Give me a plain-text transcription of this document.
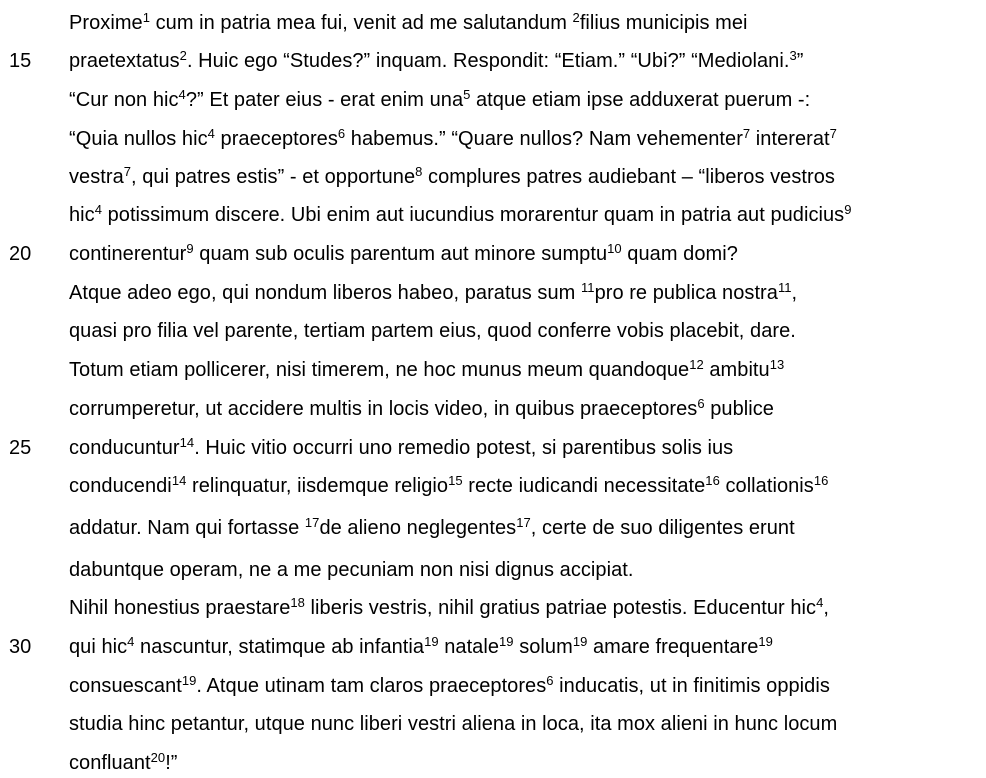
Proxime$^1$ cum in patria mea fui, venit ad me salutandum $^2$filius municipis mei
15	praetextatus$^2$. Huic ego “Studes?” inquam. Respondit: “Etiam.” “Ubi?” “Mediolani.$^3$”
“Cur non hic$^4$?” Et pater eius - erat enim una$^5$ atque etiam ipse adduxerat puerum -:
“Quia nullos hic$^4$ praeceptores$^6$ habemus.” “Quare nullos? Nam vehementer$^7$ intererat$^7$
vestra$^7$, qui patres estis” - et opportune$^8$ complures patres audiebant – “liberos vestros
hic$^4$ potissimum discere. Ubi enim aut iucundius morarentur quam in patria aut pudicius$^9$
20	continerentur$^9$ quam sub oculis parentum aut minore sumptu$^{10}$ quam domi?
Atque adeo ego, qui nondum liberos habeo, paratus sum $^{11}$pro re publica nostra$^{11}$,
quasi pro filia vel parente, tertiam partem eius, quod conferre vobis placebit, dare.
Totum etiam pollicerer, nisi timerem, ne hoc munus meum quandoque$^{12}$ ambitu$^{13}$
corrumperetur, ut accidere multis in locis video, in quibus praeceptores$^6$ publice
25	conducuntur$^{14}$. Huic vitio occurri uno remedio potest, si parentibus solis ius
conducendi$^{14}$ relinquatur, iisdemque religio$^{15}$ recte iudicandi necessitate$^{16}$ collationis$^{16}$
addatur. Nam qui fortasse $^{17}$de alieno neglegentes$^{17}$, certe de suo diligentes erunt
dabuntque operam, ne a me pecuniam non nisi dignus accipiat.
Nihil honestius praestare$^{18}$ liberis vestris, nihil gratius patriae potestis. Educentur hic$^4$,
30	qui hic$^4$ nascuntur, statimque ab infantia$^{19}$ natale$^{19}$ solum$^{19}$ amare frequentare$^{19}$
consuescant$^{19}$. Atque utinam tam claros praeceptores$^6$ inducatis, ut in finitimis oppidis
studia hinc petantur, utque nunc liberi vestri aliena in loca, ita mox alieni in hunc locum
confluant$^{20}$!”
